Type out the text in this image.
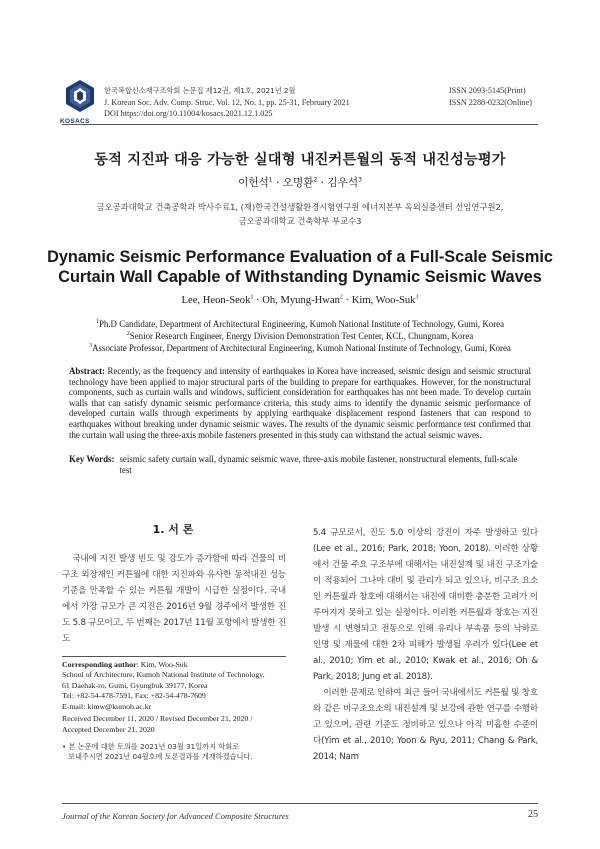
KOSACS
한국복합신소재구조학회 논문집 제12권, 제1호, 2021년 2월
J. Korean Soc. Adv. Comp. Struc. Vol. 12, No. 1, pp. 25-31, February 2021
DOI https://doi.org/10.11004/kosacs.2021.12.1.025
ISSN 2093-5145(Print)
ISSN 2288-0232(Online)
동적 지진파 대응 가능한 실대형 내진커튼월의 동적 내진성능평가
이헌석$^1$ · 오명환$^2$ · 김우석$^3$
금오공과대학교 건축공학과 박사수료1, (재)한국건설생활환경시험연구원 에너지본부 옥외실증센터 선임연구원2,
금오공과대학교 건축학부 부교수3
Dynamic Seismic Performance Evaluation of a Full-Scale Seismic
Curtain Wall Capable of Withstanding Dynamic Seismic Waves
Lee, Heon-Seok$^1$ · Oh, Myung-Hwan$^2$ · Kim, Woo-Suk$^3$
$^1$Ph.D Candidate, Department of Architectural Engineering, Kumoh National Institute of Technology, Gumi, Korea
$^2$Senior Research Engineer, Energy Division Demonstration Test Center, KCL, Chungnam, Korea
$^3$Associate Professor, Department of Architectural Engineering, Kumoh National Institute of Technology, Gumi, Korea
Abstract: Recently, as the frequency and intensity of earthquakes in Korea have increased, seismic design and seismic structural technology have been applied to major structural parts of the building to prepare for earthquakes. However, for the nonstructural components, such as curtain walls and windows, sufficient consideration for earthquakes has not been made. To develop curtain walls that can satisfy dynamic seismic performance criteria, this study aims to identify the dynamic seismic performance of developed curtain walls through experiments by applying earthquake displacement respond fasteners that can respond to earthquakes without breaking under dynamic seismic waves. The results of the dynamic seismic performance test confirmed that the curtain wall using the three-axis mobile fasteners presented in this study can withstand the actual seismic waves.
Key Words: seismic safety curtain wall, dynamic seismic wave, three-axis mobile fastener, nonstructural elements, full-scale test
1. 서 론
국내에 지진 발생 빈도 및 강도가 증가함에 따라 건물의 비구조 외장재인 커튼월에 대한 지진파와 유사한 동적내진 성능 기준을 만족할 수 있는 커튼월 개발이 시급한 실정이다. 국내에서 가장 규모가 큰 지진은 2016년 9월 경주에서 발생한 진도 5.8 규모이고, 두 번째는 2017년 11월 포항에서 발생한 진도
5.4 규모로서, 진도 5.0 이상의 강진이 자주 발생하고 있다(Lee et al., 2016; Park, 2018; Yoon, 2018). 이러한 상황에서 건물 주요 구조부에 대해서는 내진설계 및 내진 구조기술이 적용되어 그나마 대비 및 관리가 되고 있으나, 비구조 요소인 커튼월과 창호에 대해서는 내진에 대비한 충분한 고려가 이루어지지 못하고 있는 실정이다. 이러한 커튼월과 창호는 지진 발생 시 변형되고 전동으로 인해 유리나 부속품 등의 낙하로 인명 및 재물에 대한 2차 피해가 발생될 우려가 있다(Lee et al., 2010; Yim et al., 2010; Kwak et al., 2016; Oh & Park, 2018; Jung et al. 2018).
이러한 문제로 인하여 최근 들어 국내에서도 커튼월 및 창호와 같은 비구조요소의 내진설계 및 보강에 관한 연구를 수행하고 있으며, 관련 기준도 정비하고 있으나 아직 미흡한 수준이다(Yim et al., 2010; Yoon & Ryu, 2011; Chang & Park, 2014; Nam
Corresponding author: Kim, Woo-Suk
School of Architecture, Kumoh National Institute of Technology,
61 Daehak-ro, Gumi, Gyungbuk 39177, Korea
Tel: +82-54-478-7591, Fax: +82-54-478-7609
E-mail: kimw@kumoh.ac.kr
Received December 11, 2020 / Revised December 21, 2020 /
Accepted December 21, 2020
• 본 논문에 대한 토의를 2021년 03월 31일까지 학회로
보내주시면 2021년 04월호에 토론결과를 게재하겠습니다.
Journal of the Korean Society for Advanced Composite Structures	25
